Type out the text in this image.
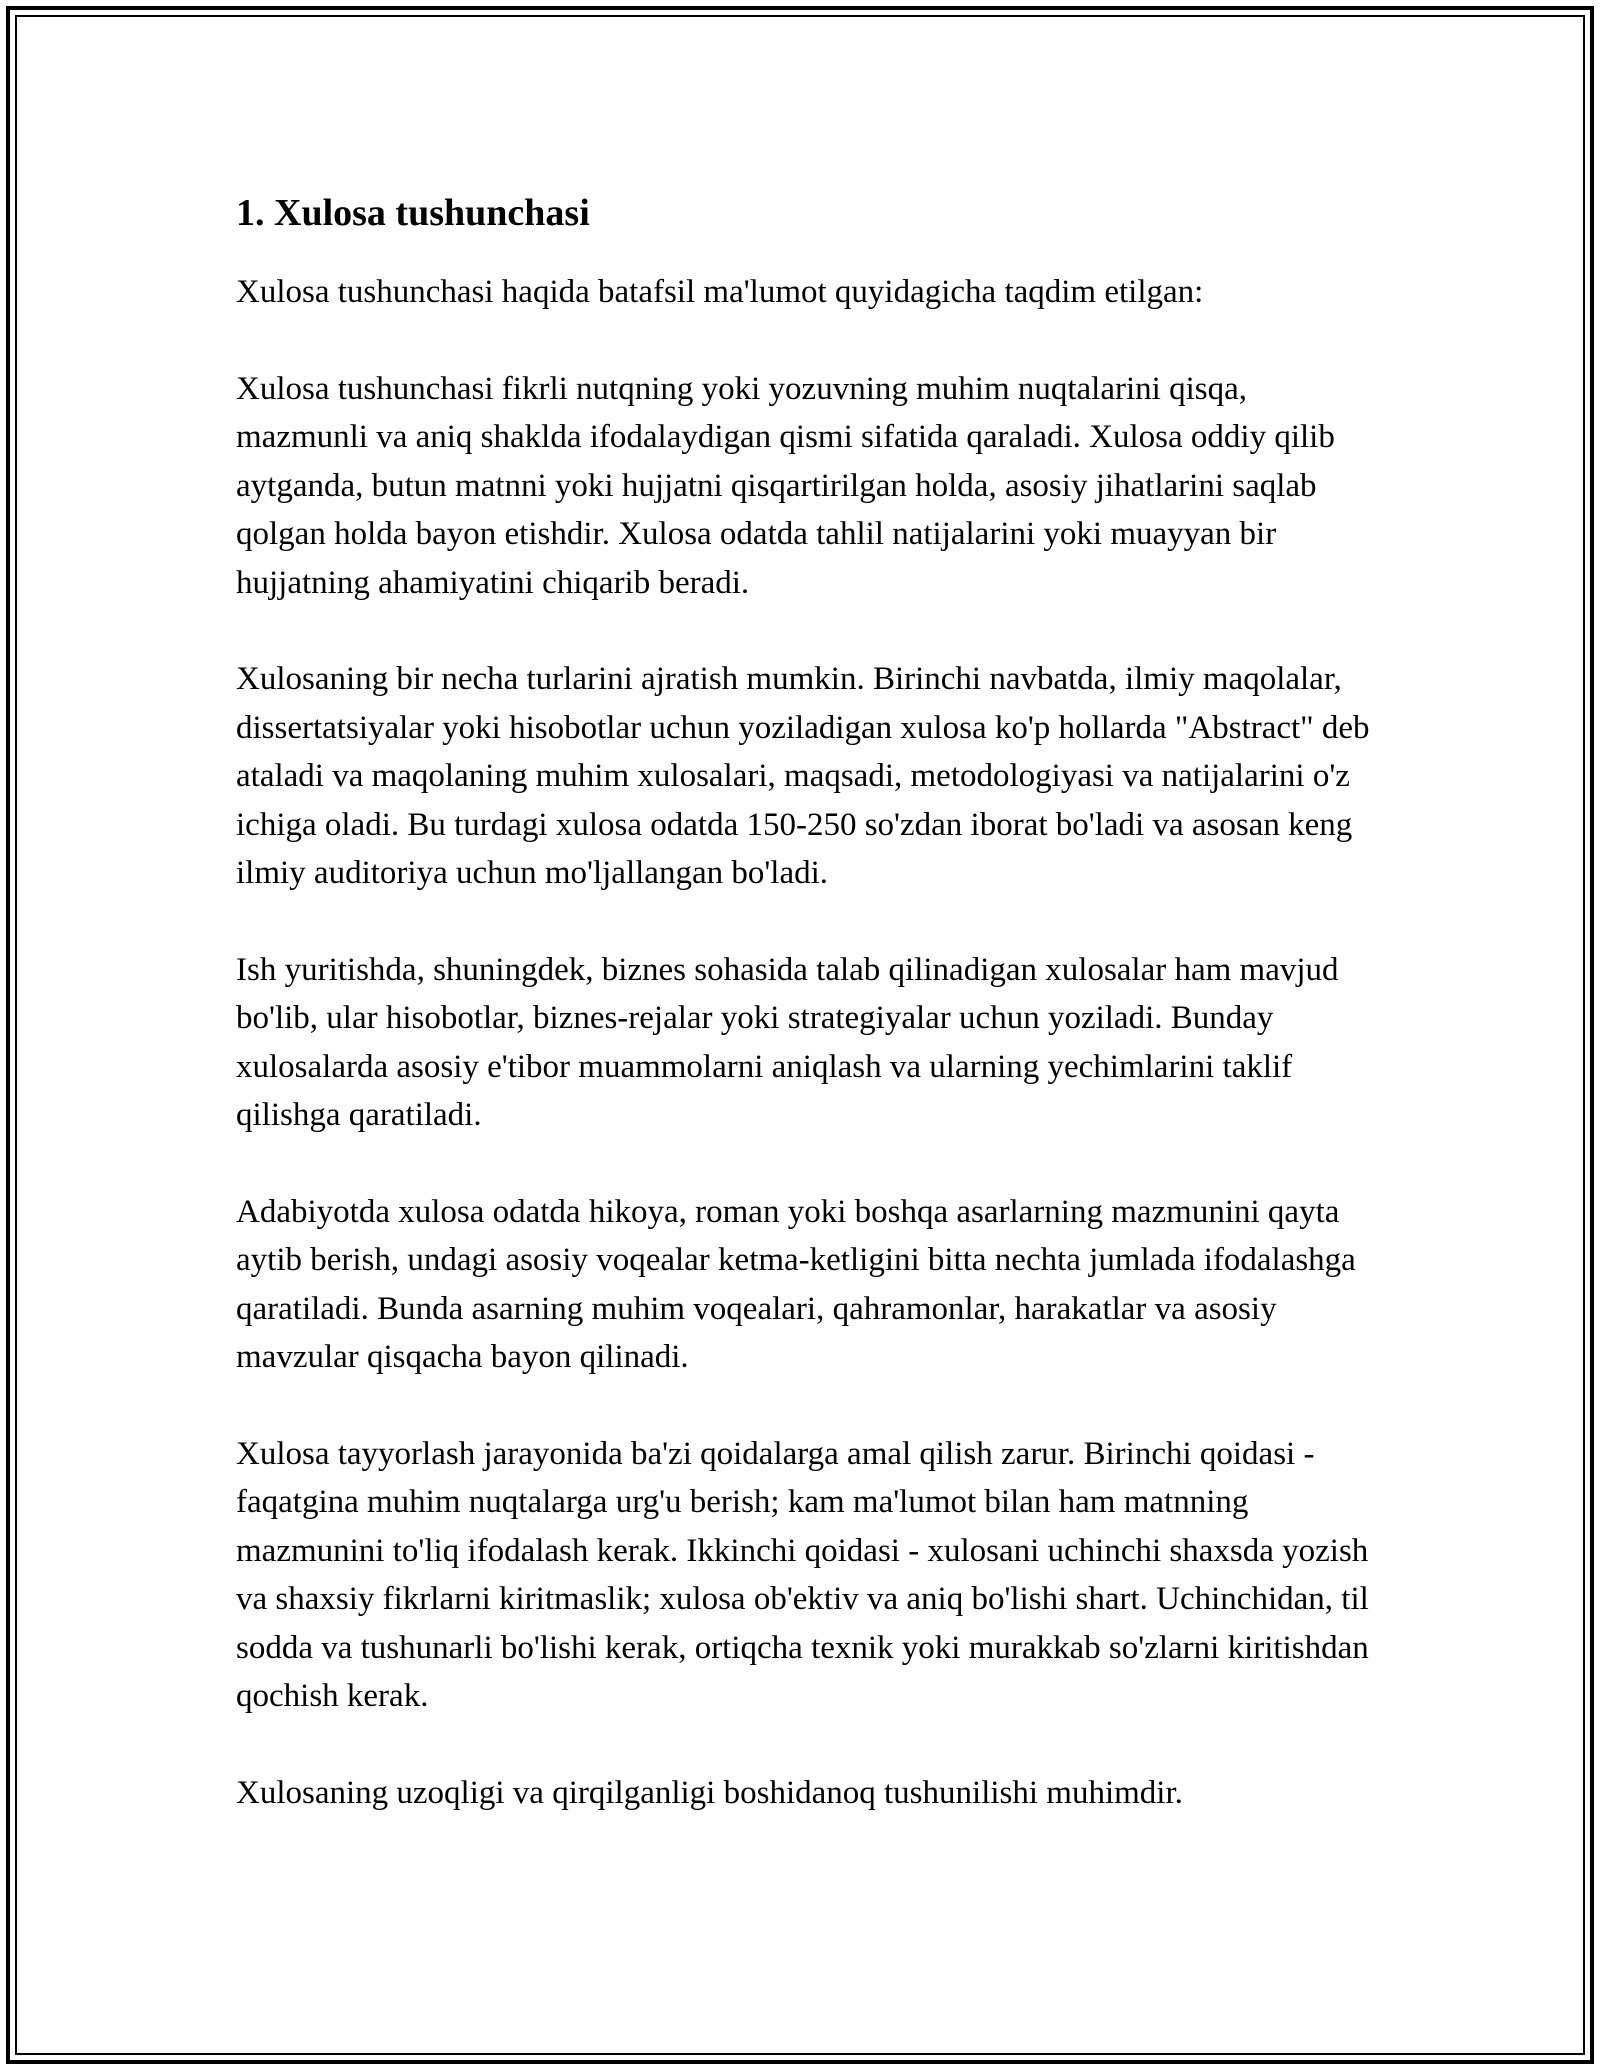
1. Xulosa tushunchasi

Xulosa tushunchasi haqida batafsil ma'lumot quyidagicha taqdim etilgan:

Xulosa tushunchasi fikrli nutqning yoki yozuvning muhim nuqtalarini qisqa, mazmunli va aniq shakldа ifodalaydigan qismi sifatida qaraladi. Xulosa oddiy qilib aytganda, butun matnni yoki hujjatni qisqartirilgan holda, asosiy jihatlarini saqlab qolgan holda bayon etishdir. Xulosa odatda tahlil natijalarini yoki muayyan bir hujjatning ahamiyatini chiqarib beradi.

Xulosaning bir necha turlarini ajratish mumkin. Birinchi navbatda, ilmiy maqolalar, dissertatsiyalar yoki hisobotlar uchun yoziladigan xulosa ko'p hollarda "Abstract" deb ataladi va maqolaning muhim xulosalari, maqsadi, metodologiyasi va natijalarini o'z ichiga oladi. Bu turdagi xulosa odatda 150-250 so'zdan iborat bo'ladi va asosan keng ilmiy auditoriya uchun mo'ljallangan bo'ladi.

Ish yuritishda, shuningdek, biznes sohasida talab qilinadigan xulosalar ham mavjud bo'lib, ular hisobotlar, biznes-rejalar yoki strategiyalar uchun yoziladi. Bunday xulosalarda asosiy e'tibor muammolarni aniqlash va ularning yechimlarini taklif qilishga qaratiladi.

Adabiyotda xulosa odatda hikoya, roman yoki boshqa asarlarning mazmunini qayta aytib berish, undagi asosiy voqealar ketma-ketligini bitta nechta jumlada ifodalashga qaratiladi. Bunda asarning muhim voqealari, qahramonlar, harakatlar va asosiy mavzular qisqacha bayon qilinadi.

Xulosa tayyorlash jarayonida ba'zi qoidalarga amal qilish zarur. Birinchi qoidasi - faqatgina muhim nuqtalarga urg'u berish; kam ma'lumot bilan ham matnning mazmunini to'liq ifodalash kerak. Ikkinchi qoidasi - xulosani uchinchi shaxsda yozish va shaxsiy fikrlarni kiritmaslik; xulosa ob'ektiv va aniq bo'lishi shart. Uchinchidan, til sodda va tushunarli bo'lishi kerak, ortiqcha texnik yoki murakkab so'zlarni kiritishdan qochish kerak.

Xulosaning uzoqligi va qirqilganligi boshidanoq tushunilishi muhimdir.
